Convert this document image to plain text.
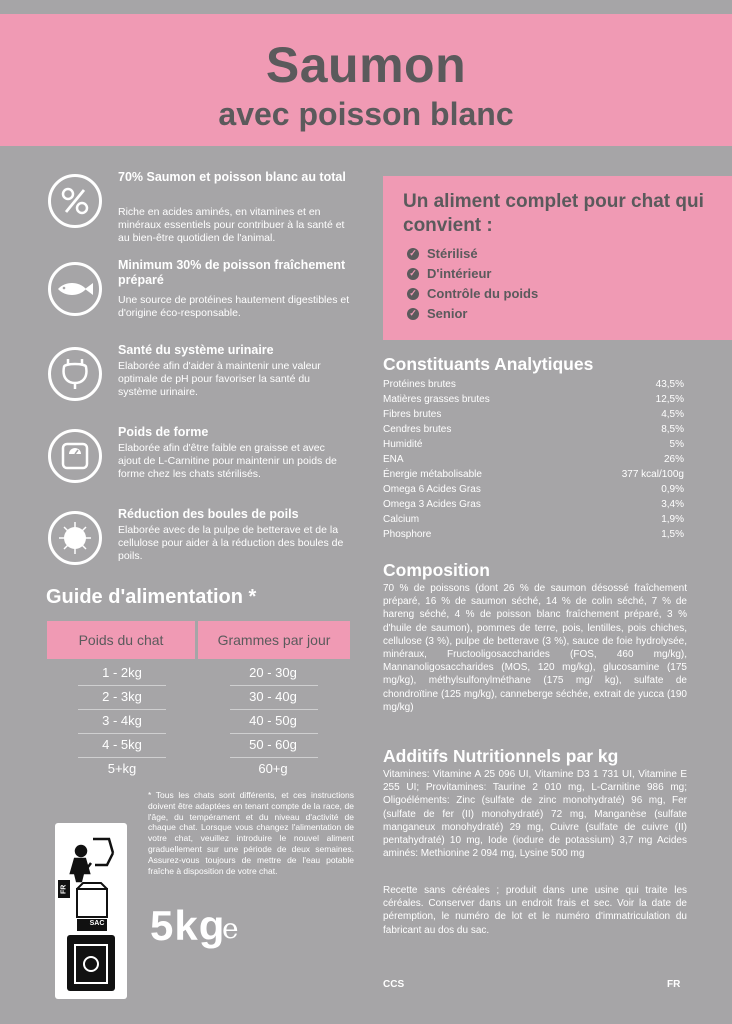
Saumon
avec poisson blanc
70% Saumon et poisson blanc au total
Riche en acides aminés, en vitamines et en minéraux essentiels pour contribuer à la santé et au bien-être quotidien de l'animal.
Minimum 30% de poisson fraîchement préparé
Une source de protéines hautement digestibles et d'origine éco-responsable.
Santé du système urinaire
Elaborée afin d'aider à maintenir une valeur optimale de pH pour favoriser la santé du système urinaire.
Poids de forme
Elaborée afin d'être faible en graisse et avec ajout de L-Carnitine pour maintenir un poids de forme chez les chats stérilisés.
Réduction des boules de poils
Elaborée avec de la pulpe de betterave et de la cellulose pour aider à la réduction des boules de poils.
Guide d'alimentation *
Poids du chat	Grammes par jour
1 - 2kg	20 - 30g
2 - 3kg	30 - 40g
3 - 4kg	40 - 50g
4 - 5kg	50 - 60g
5+kg	60+g
* Tous les chats sont différents, et ces instructions doivent être adaptées en tenant compte de la race, de l'âge, du tempérament et du niveau d'activité de chaque chat. Lorsque vous changez l'alimentation de votre chat, veuillez introduire le nouvel aliment graduellement sur une période de deux semaines. Assurez-vous toujours de mettre de l'eau potable fraîche à disposition de votre chat.
FR
SAC	5kg
e
Un aliment complet pour chat qui convient :
✓ Stérilisé
✓ D'intérieur
✓ Contrôle du poids
✓ Senior
Constituants Analytiques
Protéines brutes	43,5%
Matières grasses brutes	12,5%
Fibres brutes	4,5%
Cendres brutes	8,5%
Humidité	5%
ENA	26%
Énergie métabolisable	377 kcal/100g
Omega 6 Acides Gras	0,9%
Omega 3 Acides Gras	3,4%
Calcium	1,9%
Phosphore	1,5%
Composition
70 % de poissons (dont 26 % de saumon désossé fraîchement préparé, 16 % de saumon séché, 14 % de colin séché, 7 % de hareng séché, 4 % de poisson blanc fraîchement préparé, 3 % d'huile de saumon), pommes de terre, pois, lentilles, pois chiches, cellulose (3 %), pulpe de betterave (3 %), sauce de foie hydrolysée, minéraux, Fructooligosaccharides (FOS, 460 mg/kg), Mannanoligosaccharides (MOS, 120 mg/kg), glucosamine (175 mg/kg), méthylsulfonylméthane (175 mg/ kg), sulfate de chondroïtine (125 mg/kg), canneberge séchée, extrait de yucca (190 mg/kg)
Additifs Nutritionnels par kg
Vitamines: Vitamine A 25 096 UI, Vitamine D3 1 731 UI, Vitamine E 255 UI; Provitamines: Taurine 2 010 mg, L-Carnitine 986 mg; Oligoéléments: Zinc (sulfate de zinc monohydraté) 96 mg, Fer (sulfate de fer (II) monohydraté) 72 mg, Manganèse (sulfate manganeux monohydraté) 29 mg, Cuivre (sulfate de cuivre (II) pentahydraté) 10 mg, Iode (iodure de potassium) 3,7 mg Acides aminés: Methionine 2 094 mg, Lysine 500 mg
Recette sans céréales ; produit dans une usine qui traite les céréales. Conserver dans un endroit frais et sec. Voir la date de péremption, le numéro de lot et le numéro d'immatriculation du fabricant au dos du sac.
CCS	FR
